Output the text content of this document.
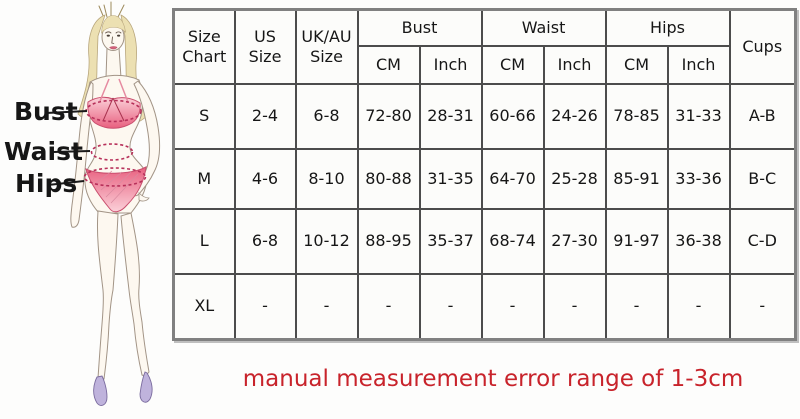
Bust
Waist
Hips
Size Chart	US Size	UK/AU Size	Bust		Waist		Hips		Cups
			CM	Inch	CM	Inch	CM	Inch	
S	2-4	6-8	72-80	28-31	60-66	24-26	78-85	31-33	A-B
M	4-6	8-10	80-88	31-35	64-70	25-28	85-91	33-36	B-C
L	6-8	10-12	88-95	35-37	68-74	27-30	91-97	36-38	C-D
XL	-	-	-	-	-	-	-	-	-
manual measurement error range of 1-3cm
